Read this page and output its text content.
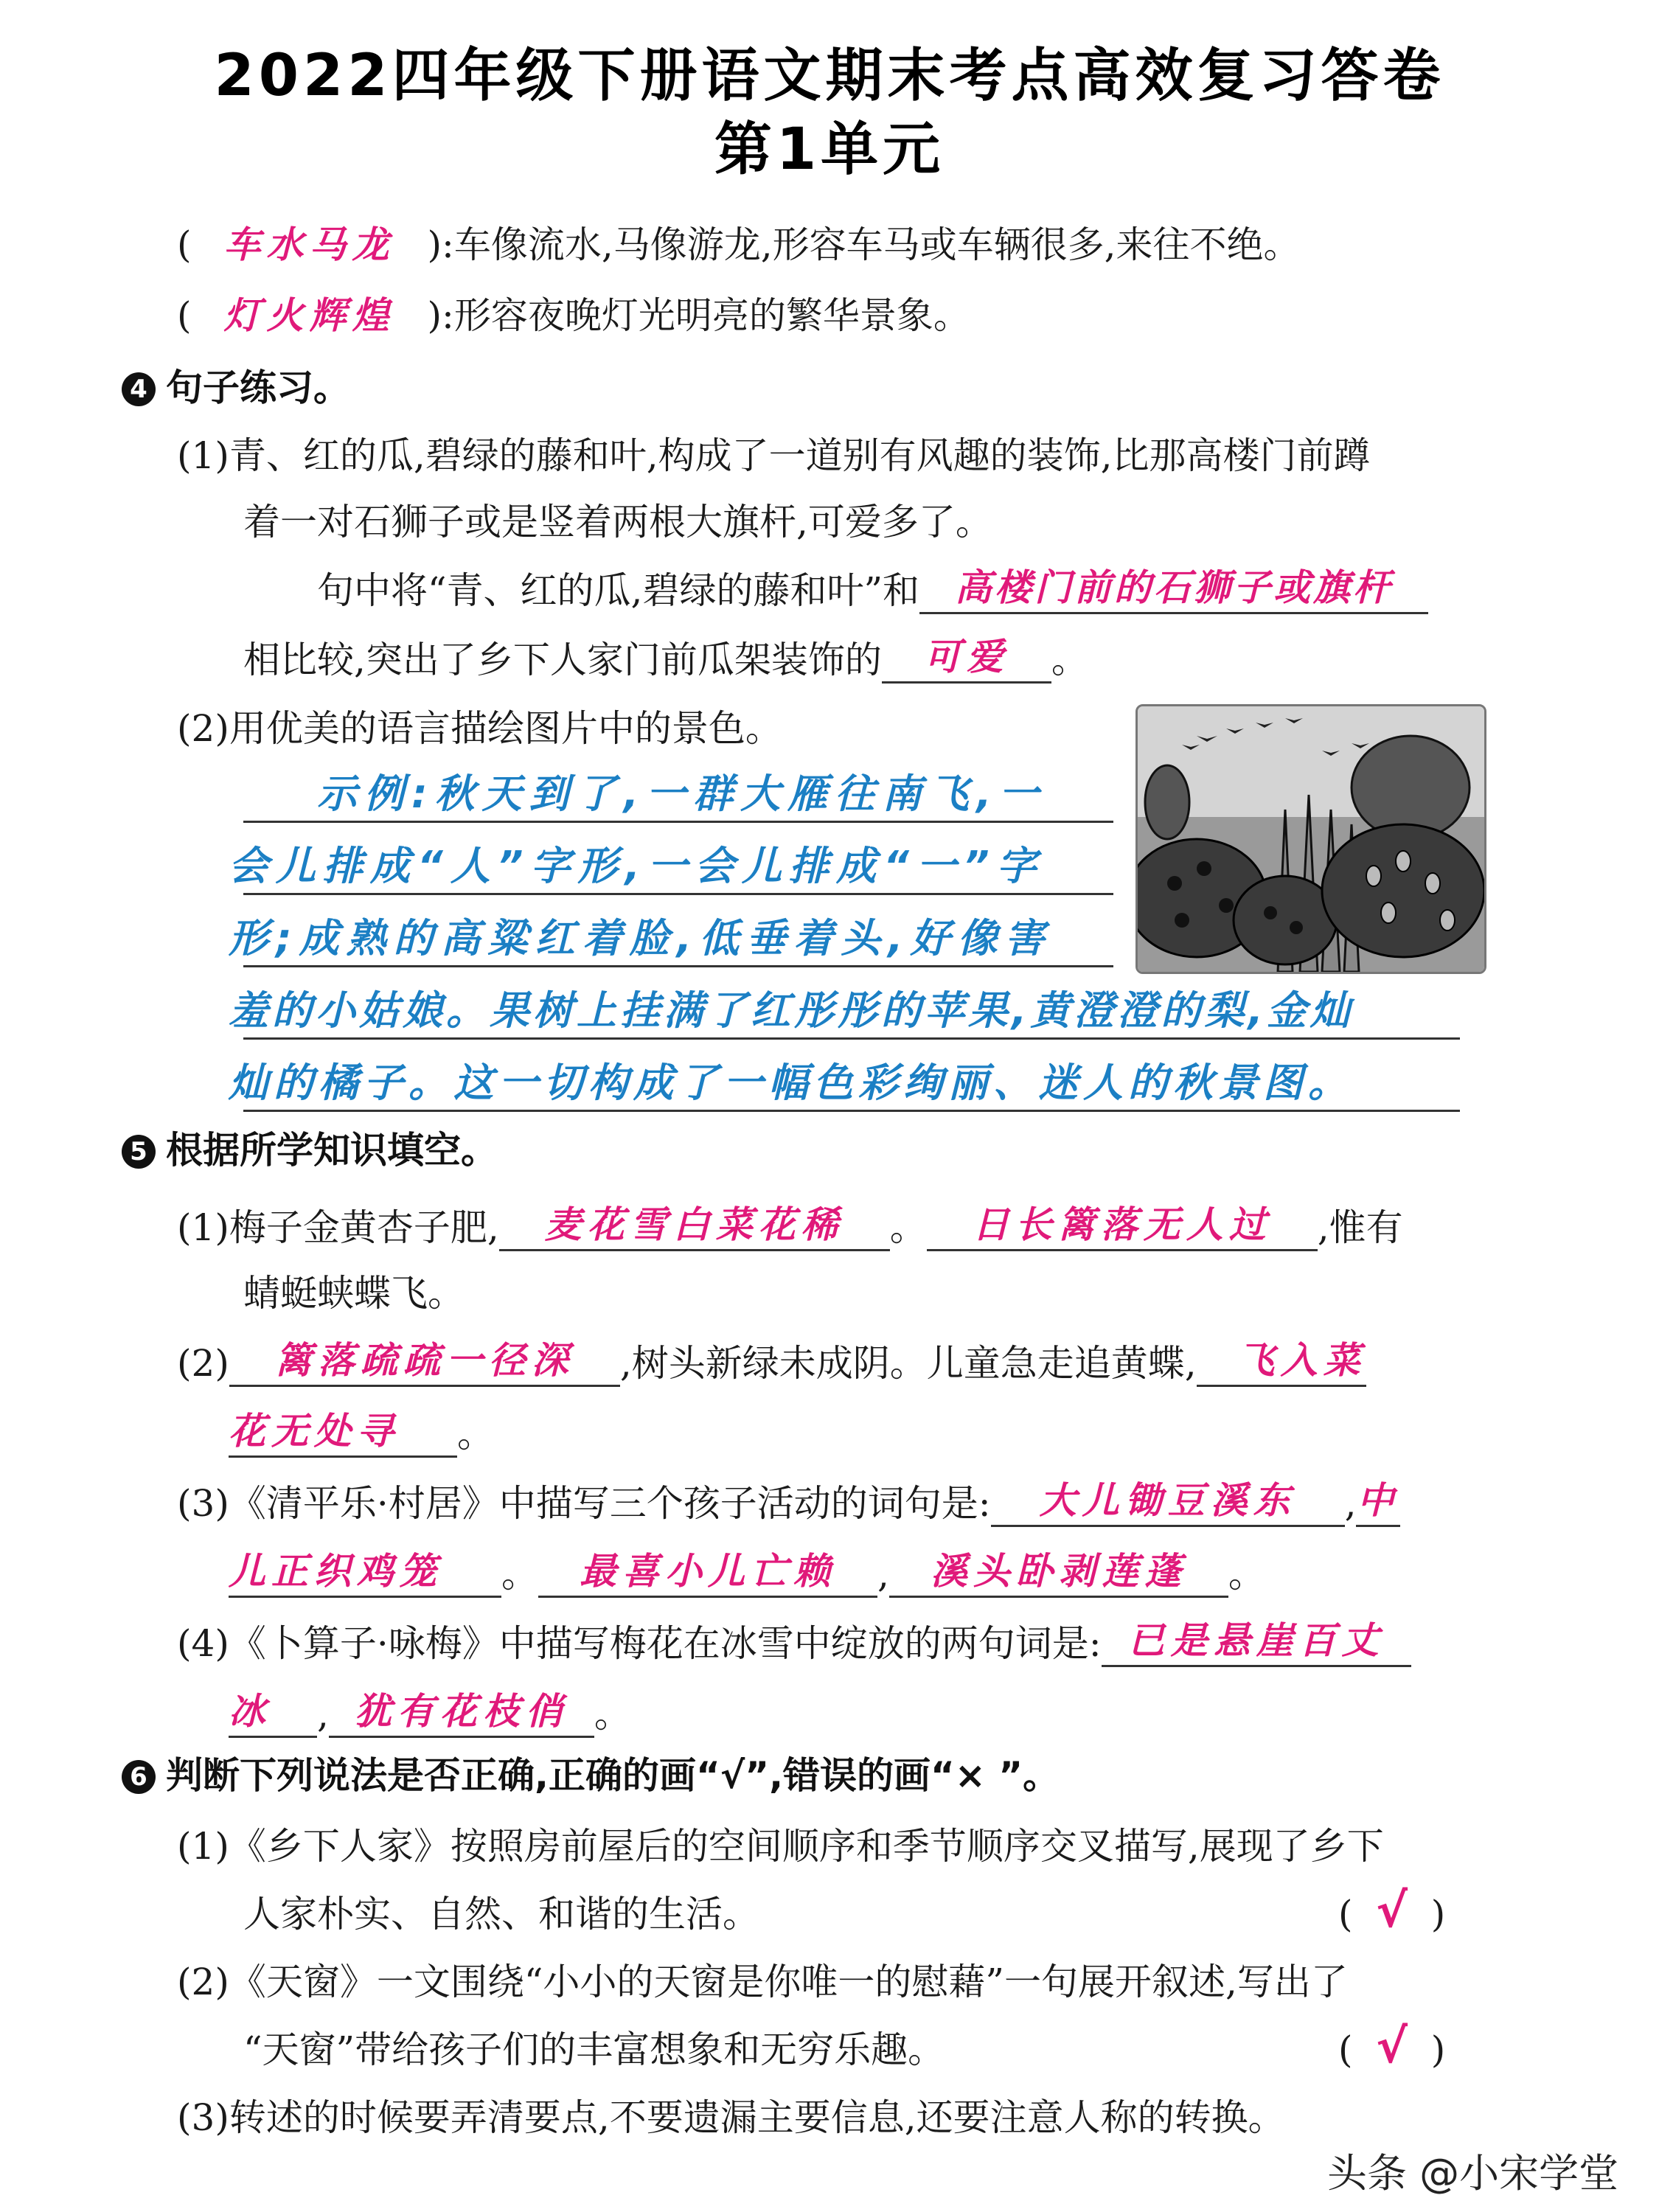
2022四年级下册语文期末考点高效复习答卷
第1单元
( 车水马龙 ):车像流水,马像游龙,形容车马或车辆很多,来往不绝。
( 灯火辉煌 ):形容夜晚灯光明亮的繁华景象。
4 句子练习。
(1)青、红的瓜,碧绿的藤和叶,构成了一道别有风趣的装饰,比那高楼门前蹲
着一对石狮子或是竖着两根大旗杆,可爱多了。
句中将“青、红的瓜,碧绿的藤和叶”和 高楼门前的石狮子或旗杆
相比较,突出了乡下人家门前瓜架装饰的 可爱 。
(2)用优美的语言描绘图片中的景色。
示例:秋天到了,一群大雁往南飞,一
会儿排成“人”字形,一会儿排成“一”字
形;成熟的高粱红着脸,低垂着头,好像害
羞的小姑娘。果树上挂满了红彤彤的苹果,黄澄澄的梨,金灿
灿的橘子。这一切构成了一幅色彩绚丽、迷人的秋景图。
5 根据所学知识填空。
(1)梅子金黄杏子肥, 麦花雪白菜花稀 。 日长篱落无人过 ,惟有
蜻蜓蛱蝶飞。
(2) 篱落疏疏一径深 ,树头新绿未成阴。儿童急走追黄蝶, 飞入菜
花无处寻 。
(3)《清平乐·村居》中描写三个孩子活动的词句是: 大儿锄豆溪东 ,中
儿正织鸡笼 。 最喜小儿亡赖 , 溪头卧剥莲蓬 。
(4)《卜算子·咏梅》中描写梅花在冰雪中绽放的两句词是: 已是悬崖百丈
冰 , 犹有花枝俏 。
6 判断下列说法是否正确,正确的画“√”,错误的画“× ”。
(1)《乡下人家》按照房前屋后的空间顺序和季节顺序交叉描写,展现了乡下
人家朴实、自然、和谐的生活。	(  √  )
(2)《天窗》一文围绕“小小的天窗是你唯一的慰藉”一句展开叙述,写出了
“天窗”带给孩子们的丰富想象和无穷乐趣。	(  √  )
(3)转述的时候要弄清要点,不要遗漏主要信息,还要注意人称的转换。
头条 @小宋学堂
